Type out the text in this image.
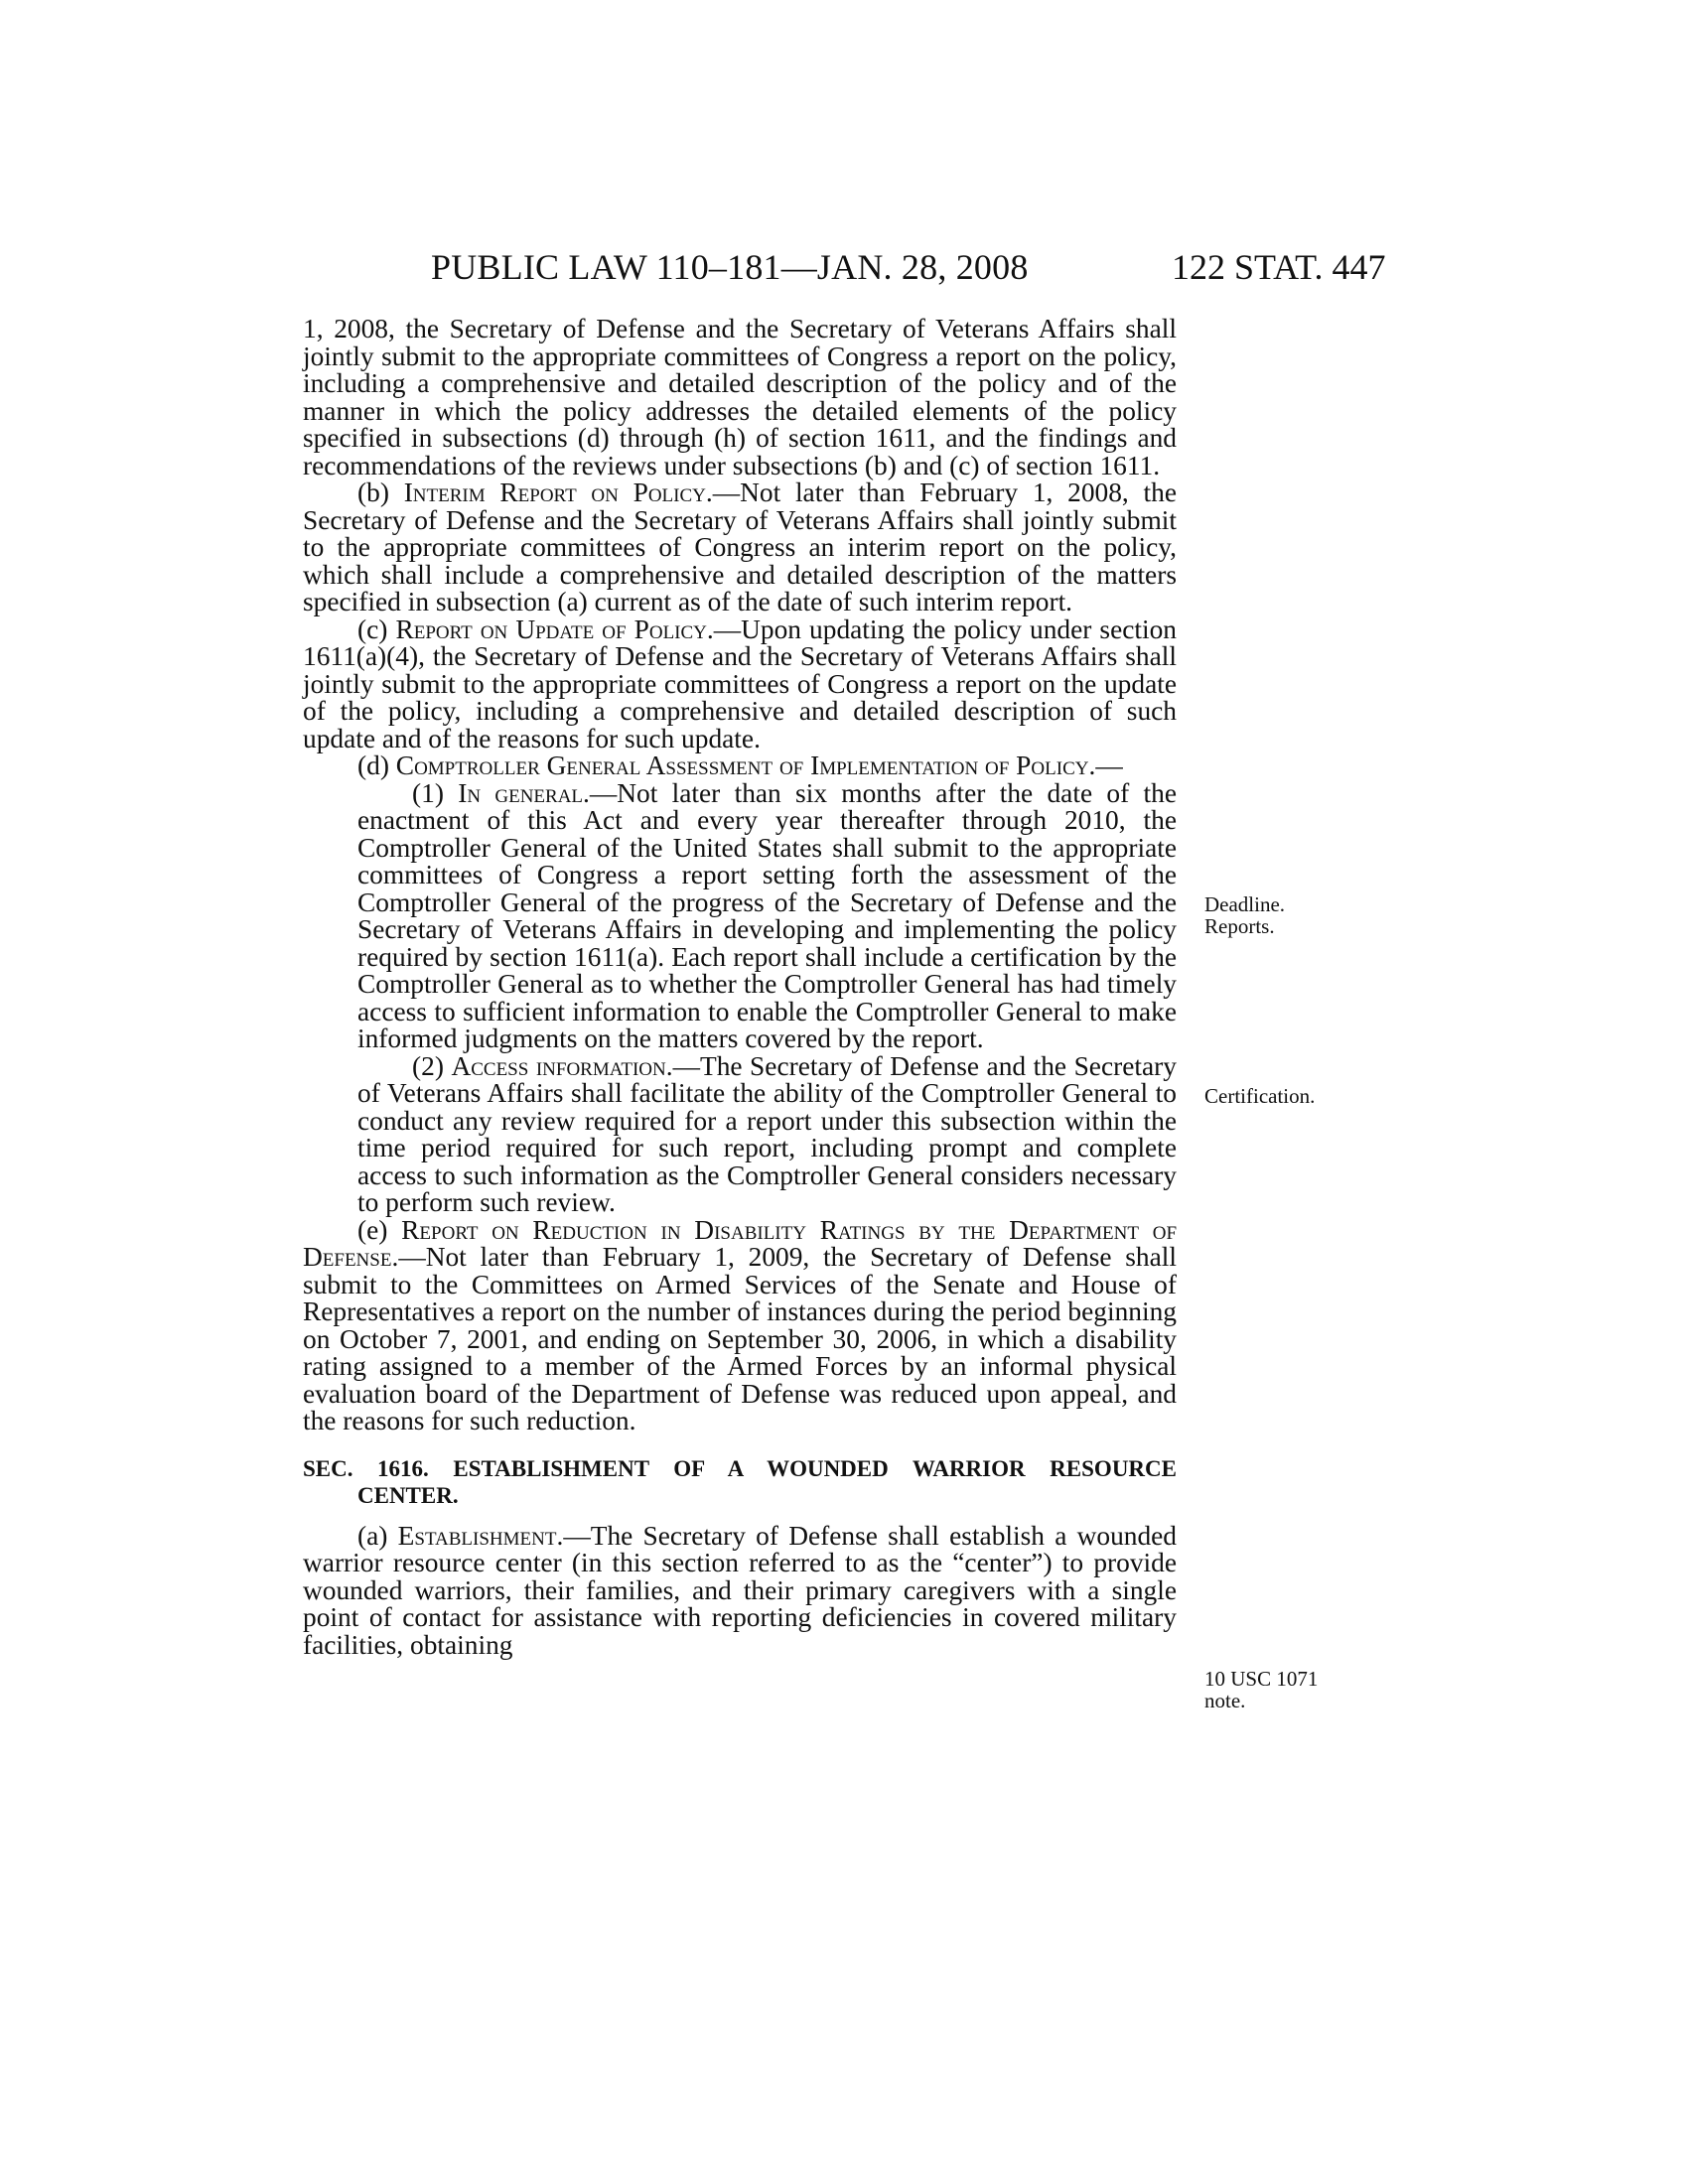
PUBLIC LAW 110–181—JAN. 28, 2008	122 STAT. 447

1, 2008, the Secretary of Defense and the Secretary of Veterans Affairs shall jointly submit to the appropriate committees of Congress a report on the policy, including a comprehensive and detailed description of the policy and of the manner in which the policy addresses the detailed elements of the policy specified in subsections (d) through (h) of section 1611, and the findings and recommendations of the reviews under subsections (b) and (c) of section 1611.

(b) Interim Report on Policy.—Not later than February 1, 2008, the Secretary of Defense and the Secretary of Veterans Affairs shall jointly submit to the appropriate committees of Congress an interim report on the policy, which shall include a comprehensive and detailed description of the matters specified in subsection (a) current as of the date of such interim report.

(c) Report on Update of Policy.—Upon updating the policy under section 1611(a)(4), the Secretary of Defense and the Secretary of Veterans Affairs shall jointly submit to the appropriate committees of Congress a report on the update of the policy, including a comprehensive and detailed description of such update and of the reasons for such update.

(d) Comptroller General Assessment of Implementation of Policy.—

(1) In general.—Not later than six months after the date of the enactment of this Act and every year thereafter through 2010, the Comptroller General of the United States shall submit to the appropriate committees of Congress a report setting forth the assessment of the Comptroller General of the progress of the Secretary of Defense and the Secretary of Veterans Affairs in developing and implementing the policy required by section 1611(a). Each report shall include a certification by the Comptroller General as to whether the Comptroller General has had timely access to sufficient information to enable the Comptroller General to make informed judgments on the matters covered by the report.

(2) Access information.—The Secretary of Defense and the Secretary of Veterans Affairs shall facilitate the ability of the Comptroller General to conduct any review required for a report under this subsection within the time period required for such report, including prompt and complete access to such information as the Comptroller General considers necessary to perform such review.

(e) Report on Reduction in Disability Ratings by the Department of Defense.—Not later than February 1, 2009, the Secretary of Defense shall submit to the Committees on Armed Services of the Senate and House of Representatives a report on the number of instances during the period beginning on October 7, 2001, and ending on September 30, 2006, in which a disability rating assigned to a member of the Armed Forces by an informal physical evaluation board of the Department of Defense was reduced upon appeal, and the reasons for such reduction.

SEC. 1616. ESTABLISHMENT OF A WOUNDED WARRIOR RESOURCE
CENTER.

(a) Establishment.—The Secretary of Defense shall establish a wounded warrior resource center (in this section referred to as the “center”) to provide wounded warriors, their families, and their primary caregivers with a single point of contact for assistance with reporting deficiencies in covered military facilities, obtaining

Deadline.
Reports.
Certification.
10 USC 1071
note.
